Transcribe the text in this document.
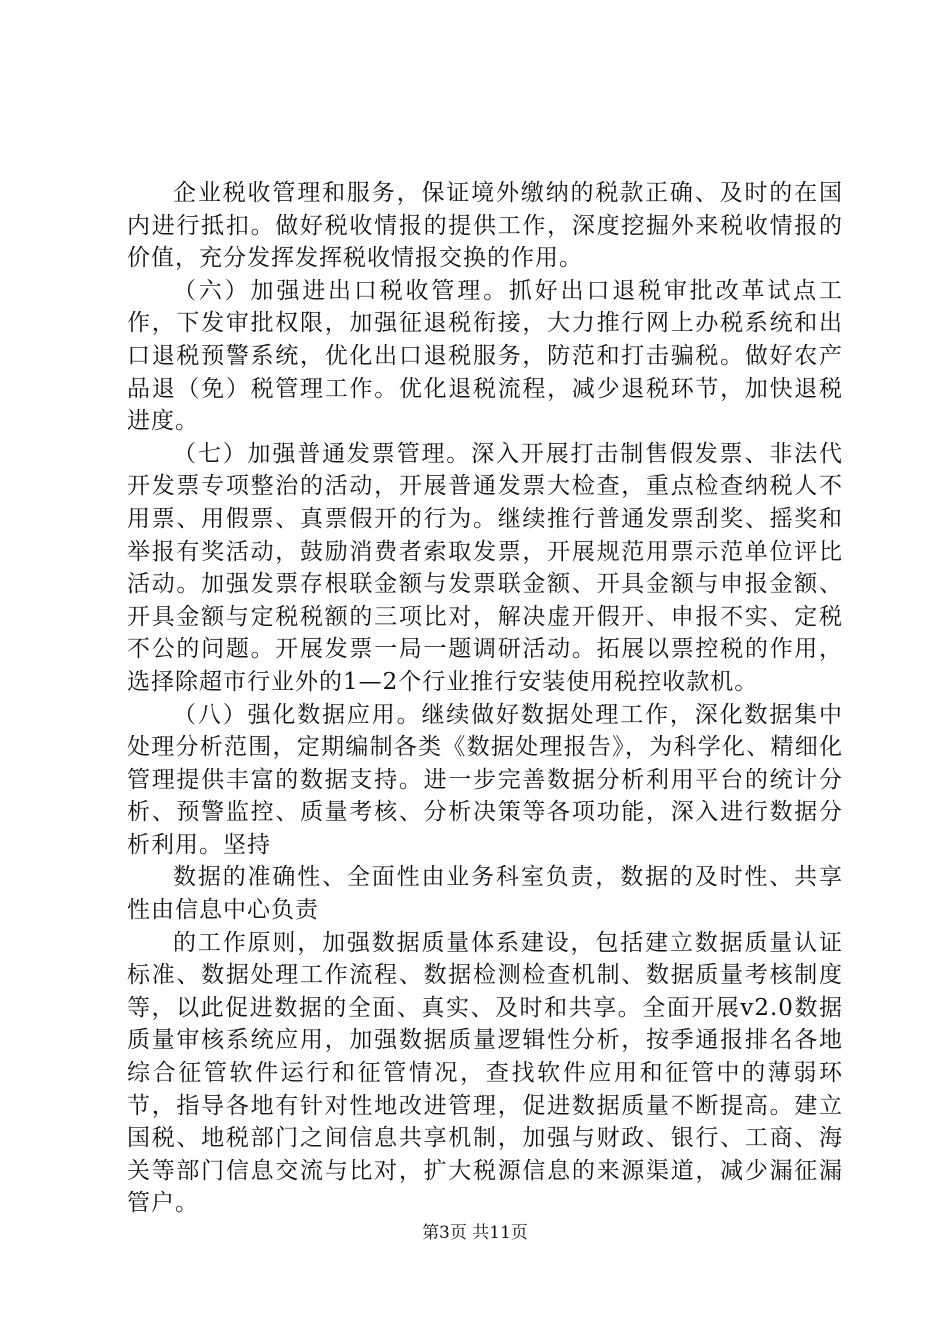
企业税收管理和服务，保证境外缴纳的税款正确、及时的在国内进行抵扣。做好税收情报的提供工作，深度挖掘外来税收情报的价值，充分发挥发挥税收情报交换的作用。

（六）加强进出口税收管理。抓好出口退税审批改革试点工作，下发审批权限，加强征退税衔接，大力推行网上办税系统和出口退税预警系统，优化出口退税服务，防范和打击骗税。做好农产品退（免）税管理工作。优化退税流程，减少退税环节，加快退税进度。

（七）加强普通发票管理。深入开展打击制售假发票、非法代开发票专项整治的活动，开展普通发票大检查，重点检查纳税人不用票、用假票、真票假开的行为。继续推行普通发票刮奖、摇奖和举报有奖活动，鼓励消费者索取发票，开展规范用票示范单位评比活动。加强发票存根联金额与发票联金额、开具金额与申报金额、开具金额与定税税额的三项比对，解决虚开假开、申报不实、定税不公的问题。开展发票一局一题调研活动。拓展以票控税的作用，选择除超市行业外的1—2个行业推行安装使用税控收款机。

（八）强化数据应用。继续做好数据处理工作，深化数据集中处理分析范围，定期编制各类《数据处理报告》，为科学化、精细化管理提供丰富的数据支持。进一步完善数据分析利用平台的统计分析、预警监控、质量考核、分析决策等各项功能，深入进行数据分析利用。坚持

数据的准确性、全面性由业务科室负责，数据的及时性、共享性由信息中心负责

的工作原则，加强数据质量体系建设，包括建立数据质量认证标准、数据处理工作流程、数据检测检查机制、数据质量考核制度等，以此促进数据的全面、真实、及时和共享。全面开展v2.0数据质量审核系统应用，加强数据质量逻辑性分析，按季通报排名各地综合征管软件运行和征管情况，查找软件应用和征管中的薄弱环节，指导各地有针对性地改进管理，促进数据质量不断提高。建立国税、地税部门之间信息共享机制，加强与财政、银行、工商、海关等部门信息交流与比对，扩大税源信息的来源渠道，减少漏征漏管户。

第3页 共11页
